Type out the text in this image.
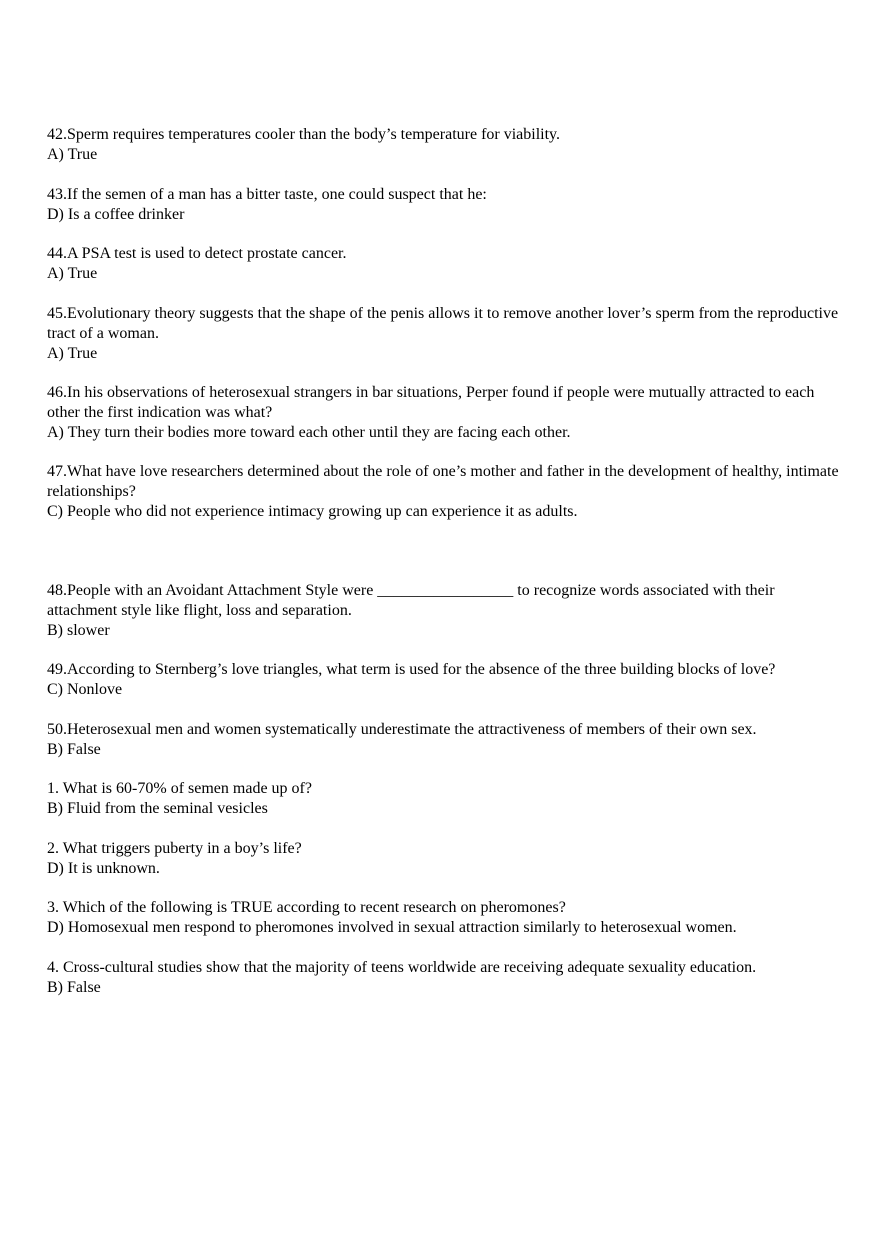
42.Sperm requires temperatures cooler than the body’s temperature for viability.

A) True

43.If the semen of a man has a bitter taste, one could suspect that he:

D) Is a coffee drinker

44.A PSA test is used to detect prostate cancer.

A) True

45.Evolutionary theory suggests that the shape of the penis allows it to remove another lover’s sperm from the reproductive tract of a woman.

A) True

46.In his observations of heterosexual strangers in bar situations, Perper found if people were mutually attracted to each other the first indication was what?

A) They turn their bodies more toward each other until they are facing each other.

47.What have love researchers determined about the role of one’s mother and father in the development of healthy, intimate relationships?

C) People who did not experience intimacy growing up can experience it as adults.

48.People with an Avoidant Attachment Style were _________________ to recognize words associated with their attachment style like flight, loss and separation.

B) slower

49.According to Sternberg’s love triangles, what term is used for the absence of the three building blocks of love?

C) Nonlove

50.Heterosexual men and women systematically underestimate the attractiveness of members of their own sex.

B) False

1. What is 60-70% of semen made up of?

B) Fluid from the seminal vesicles

2. What triggers puberty in a boy’s life?

D) It is unknown.

3. Which of the following is TRUE according to recent research on pheromones?

D) Homosexual men respond to pheromones involved in sexual attraction similarly to heterosexual women.

4. Cross-cultural studies show that the majority of teens worldwide are receiving adequate sexuality education.

B) False
